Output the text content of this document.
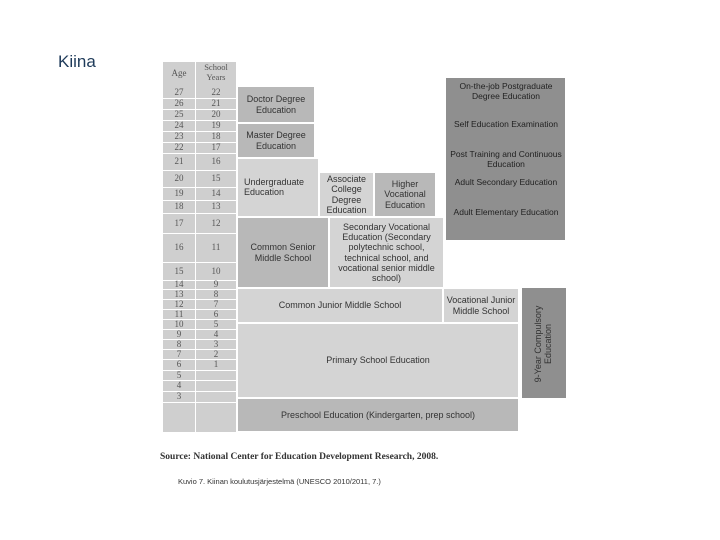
Kiina
Age
School Years
27
26
25
24
23
22
21
20
19
18
17
16
15
14
13
12
11
10
9
8
7
6
5
4
3
22
21
20
19
18
17
16
15
14
13
12
11
10
9
8
7
6
5
4
3
2
1
Doctor Degree Education
Master Degree Education
Undergraduate Education
Associate College Degree Education
Higher Vocational Education
Common Senior Middle School
Secondary Vocational Education (Secondary polytechnic school, technical school, and vocational senior middle school)
Common Junior Middle School
Vocational Junior Middle School
Primary School Education
Preschool Education (Kindergarten, prep school)
9-Year Compulsory Education
On-the-job Postgraduate Degree Education
Self Education Examination
Post Training and Continuous Education
Adult Secondary Education
Adult Elementary Education
Source: National Center for Education Development Research, 2008.
Kuvio 7. Kiinan koulutusjärjestelmä (UNESCO 2010/2011, 7.)
